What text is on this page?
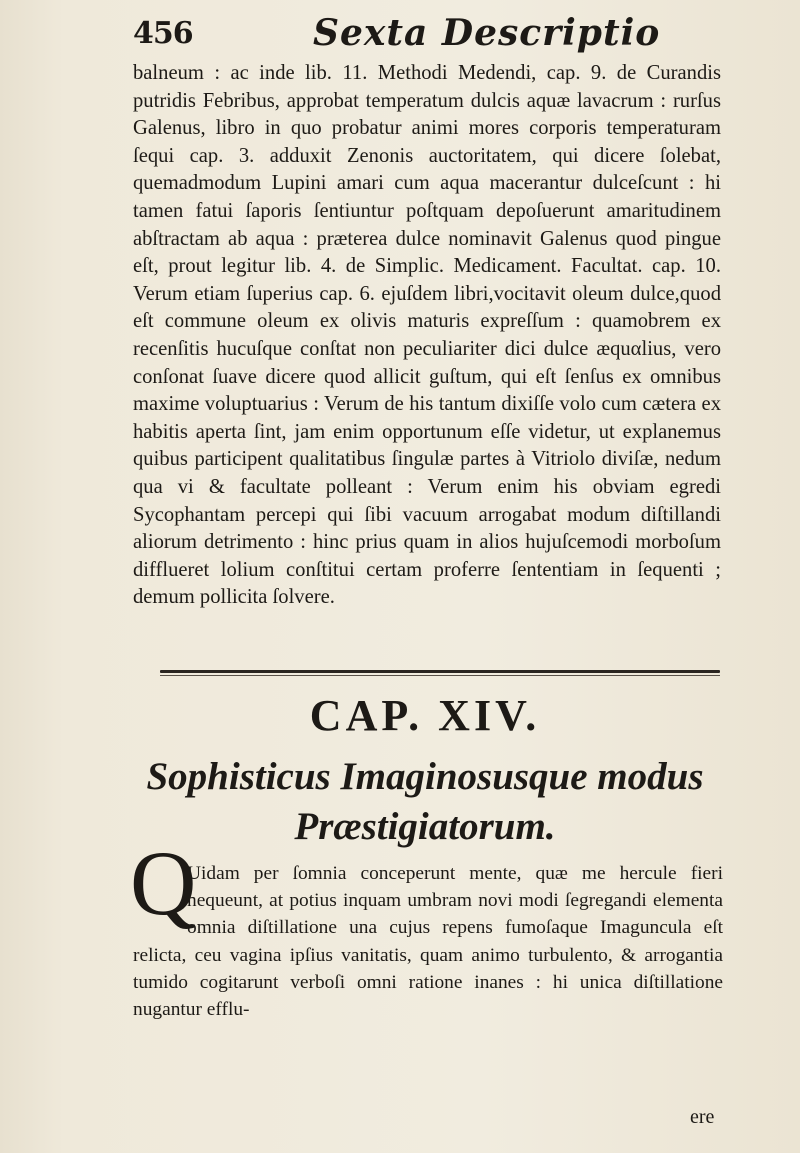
456	Sexta Descriptio

balneum : ac inde lib. 11. Methodi Medendi, cap. 9. de Curandis putridis Febribus, approbat temperatum dulcis aquæ lavacrum : rurſus Galenus, libro in quo probatur animi mores corporis temperaturam ſequi cap. 3. adduxit Zenonis auctoritatem, qui dicere ſolebat, quemadmodum Lupini amari cum aqua macerantur dulceſcunt : hi tamen fatui ſaporis ſentiuntur poſtquam depoſuerunt amaritudinem abſtractam ab aqua : prætereа dulce nominavit Galenus quod pingue eſt, prout legitur lib. 4. de Simplic. Medicament. Facultat. cap. 10. Verum etiam ſuperius cap. 6. ejuſdem libri,vocitavit oleum dulce,quod eſt commune oleum ex olivis maturis expreſſum : quamobrem ex recenſitis hucuſque conſtat non peculiariter dici dulce æquαlius, vero conſonat ſuave dicere quod allicit guſtum, qui eſt ſenſus ex omnibus maxime voluptuarius : Verum de his tantum dixiſſe volo cum cætera ex habitis aperta ſint, jam enim opportunum eſſe videtur, ut explanemus quibus participent qualitatibus ſingulæ partes à Vitriolo diviſæ, nedum qua vi & facultate polleant : Verum enim his obviam egredi Sycophantam percepi qui ſibi vacuum arrogabat modum diſtillandi aliorum detrimento : hinc prius quam in alios hujuſcemodi morboſum diffluerеt lolium conſtitui certam proferre ſententiam in ſequenti ; demum pollicita ſolvere.

CAP. XIV.
Sophisticus Imaginosusque modus Præstigiatorum.
Q

Uidam per ſomnia conceperunt mente, quæ me hercule fieri nequeunt, at potius inquam umbram novi modi ſegregandi elementa omnia diſtillatione una cujus repens fumoſaque Imaguncula eſt relicta, ceu vagina ipſius vanitatis, quam animo turbulento, & arrogantia tumido cogitarunt verboſi omni ratione inanes : hi unica diſtillatione nugantur efflu-

ere
